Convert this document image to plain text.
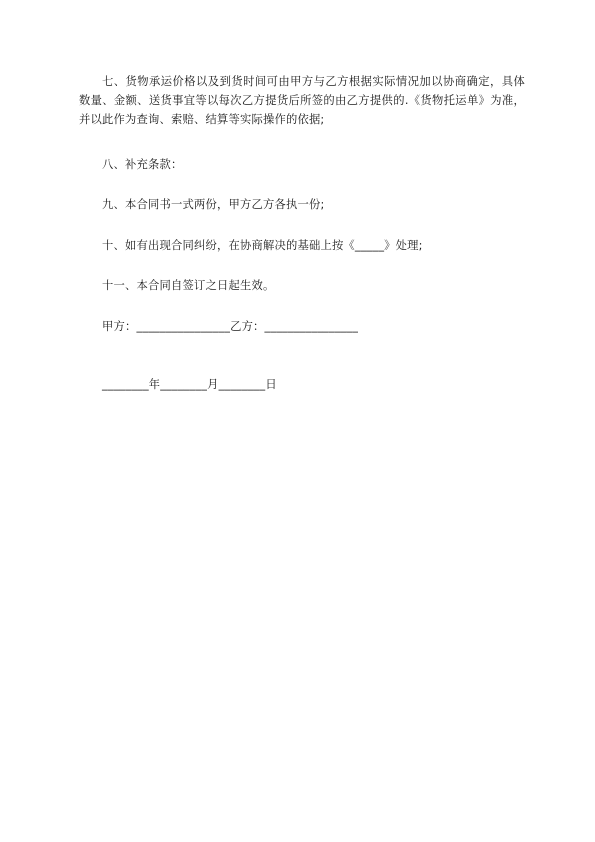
七、货物承运价格以及到货时间可由甲方与乙方根据实际情况加以协商确定，具体数量、金额、送货事宜等以每次乙方提货后所签的由乙方提供的.《货物托运单》为准，并以此作为查询、索赔、结算等实际操作的依据;
八、补充条款：
九、本合同书一式两份，甲方乙方各执一份;
十、如有出现合同纠纷，在协商解决的基础上按《_____》处理;
十一、本合同自签订之日起生效。
甲方：________________乙方：________________
________年________月________日
